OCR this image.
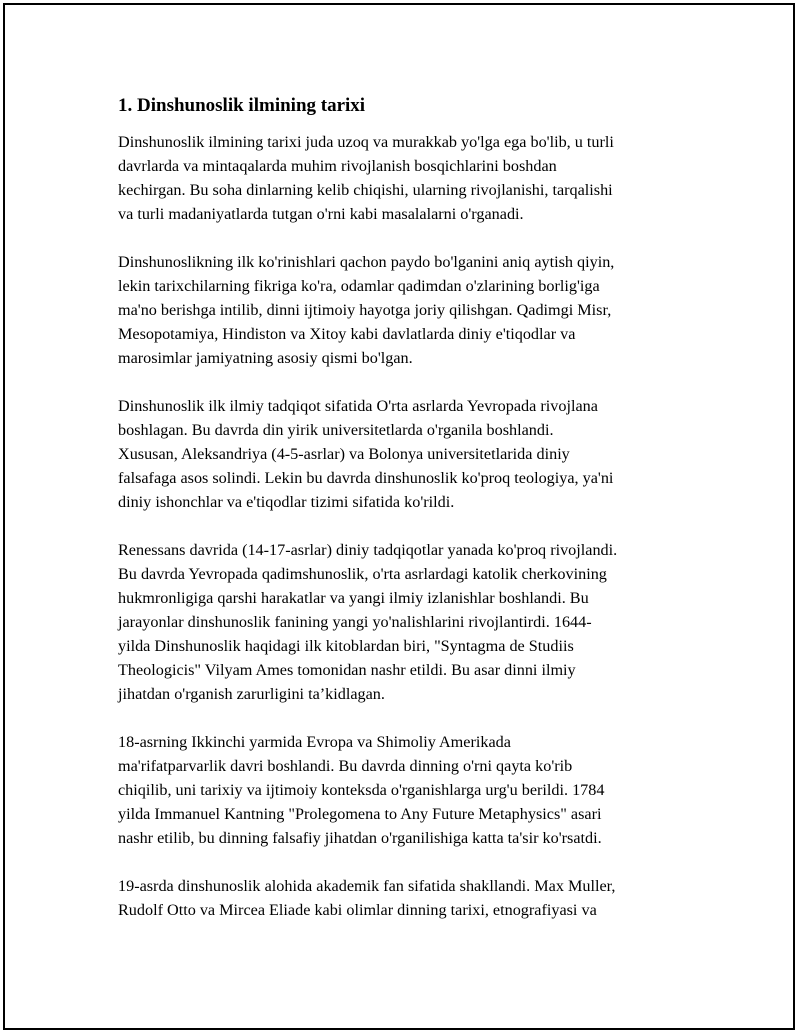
1. Dinshunoslik ilmining tarixi

Dinshunoslik ilmining tarixi juda uzoq va murakkab yo'lga ega bo'lib, u turli
davrlarda va mintaqalarda muhim rivojlanish bosqichlarini boshdan
kechirgan. Bu soha dinlarning kelib chiqishi, ularning rivojlanishi, tarqalishi
va turli madaniyatlarda tutgan o'rni kabi masalalarni o'rganadi.

Dinshunoslikning ilk ko'rinishlari qachon paydo bo'lganini aniq aytish qiyin,
lekin tarixchilarning fikriga ko'ra, odamlar qadimdan o'zlarining borlig'iga
ma'no berishga intilib, dinni ijtimoiy hayotga joriy qilishgan. Qadimgi Misr,
Mesopotamiya, Hindiston va Xitoy kabi davlatlarda diniy e'tiqodlar va
marosimlar jamiyatning asosiy qismi bo'lgan.

Dinshunoslik ilk ilmiy tadqiqot sifatida O'rta asrlarda Yevropada rivojlana
boshlagan. Bu davrda din yirik universitetlarda o'rganila boshlandi.
Xususan, Aleksandriya (4-5-asrlar) va Bolonya universitetlarida diniy
falsafaga asos solindi. Lekin bu davrda dinshunoslik ko'proq teologiya, ya'ni
diniy ishonchlar va e'tiqodlar tizimi sifatida ko'rildi.

Renessans davrida (14-17-asrlar) diniy tadqiqotlar yanada ko'proq rivojlandi.
Bu davrda Yevropada qadimshunoslik, o'rta asrlardagi katolik cherkovining
hukmronligiga qarshi harakatlar va yangi ilmiy izlanishlar boshlandi. Bu
jarayonlar dinshunoslik fanining yangi yo'nalishlarini rivojlantirdi. 1644-
yilda Dinshunoslik haqidagi ilk kitoblardan biri, "Syntagma de Studiis
Theologicis" Vilyam Ames tomonidan nashr etildi. Bu asar dinni ilmiy
jihatdan o'rganish zarurligini ta’kidlagan.

18-asrning Ikkinchi yarmida Evropa va Shimoliy Amerikada
ma'rifatparvarlik davri boshlandi. Bu davrda dinning o'rni qayta ko'rib
chiqilib, uni tarixiy va ijtimoiy konteksda o'rganishlarga urg'u berildi. 1784
yilda Immanuel Kantning "Prolegomena to Any Future Metaphysics" asari
nashr etilib, bu dinning falsafiy jihatdan o'rganilishiga katta ta'sir ko'rsatdi.

19-asrda dinshunoslik alohida akademik fan sifatida shakllandi. Max Muller,
Rudolf Otto va Mircea Eliade kabi olimlar dinning tarixi, etnografiyasi va
